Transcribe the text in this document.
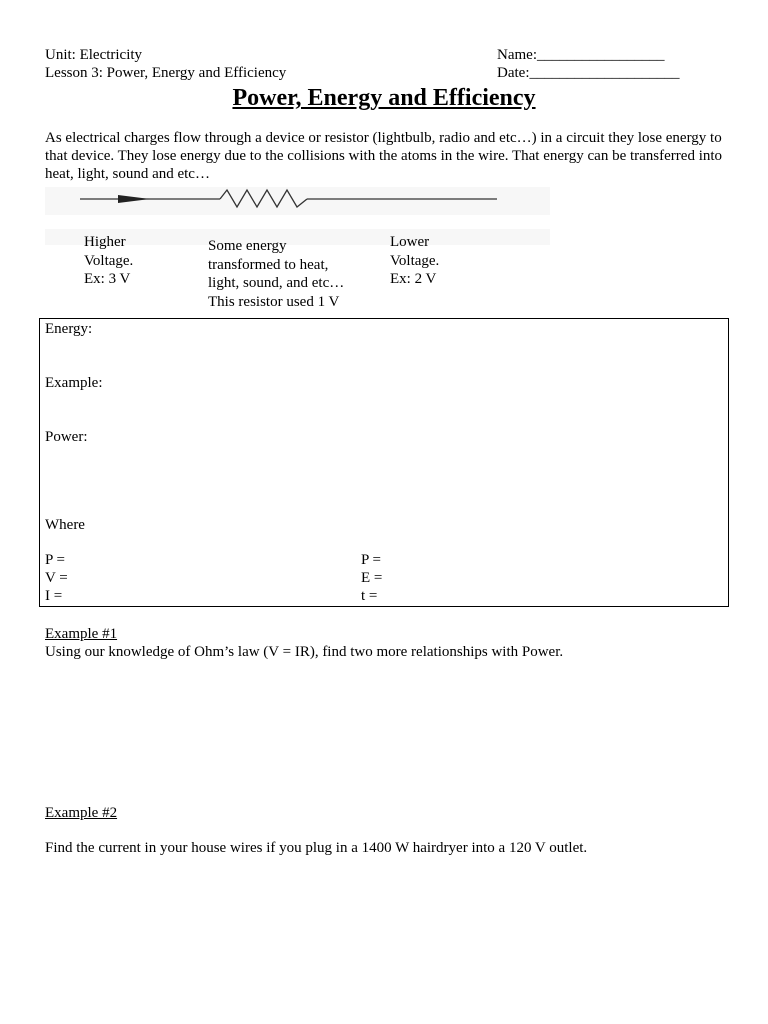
Unit: Electricity
Lesson 3: Power, Energy and Efficiency
Name:_________________
Date:____________________
Power, Energy and Efficiency
As electrical charges flow through a device or resistor (lightbulb, radio and etc…) in a circuit they lose energy to that device. They lose energy due to the collisions with the atoms in the wire. That energy can be transferred into heat, light, sound and etc…
Higher
Voltage.
Ex: 3 V
Some energy
transformed to heat,
light, sound, and etc…
This resistor used 1 V
Lower
Voltage.
Ex: 2 V
Energy:
Example:
Power:
Where
P =
V =
I =
P =
E =
t =
Example #1
Using our knowledge of Ohm’s law (V = IR), find two more relationships with Power.
Example #2
Find the current in your house wires if you plug in a 1400 W hairdryer into a 120 V outlet.
